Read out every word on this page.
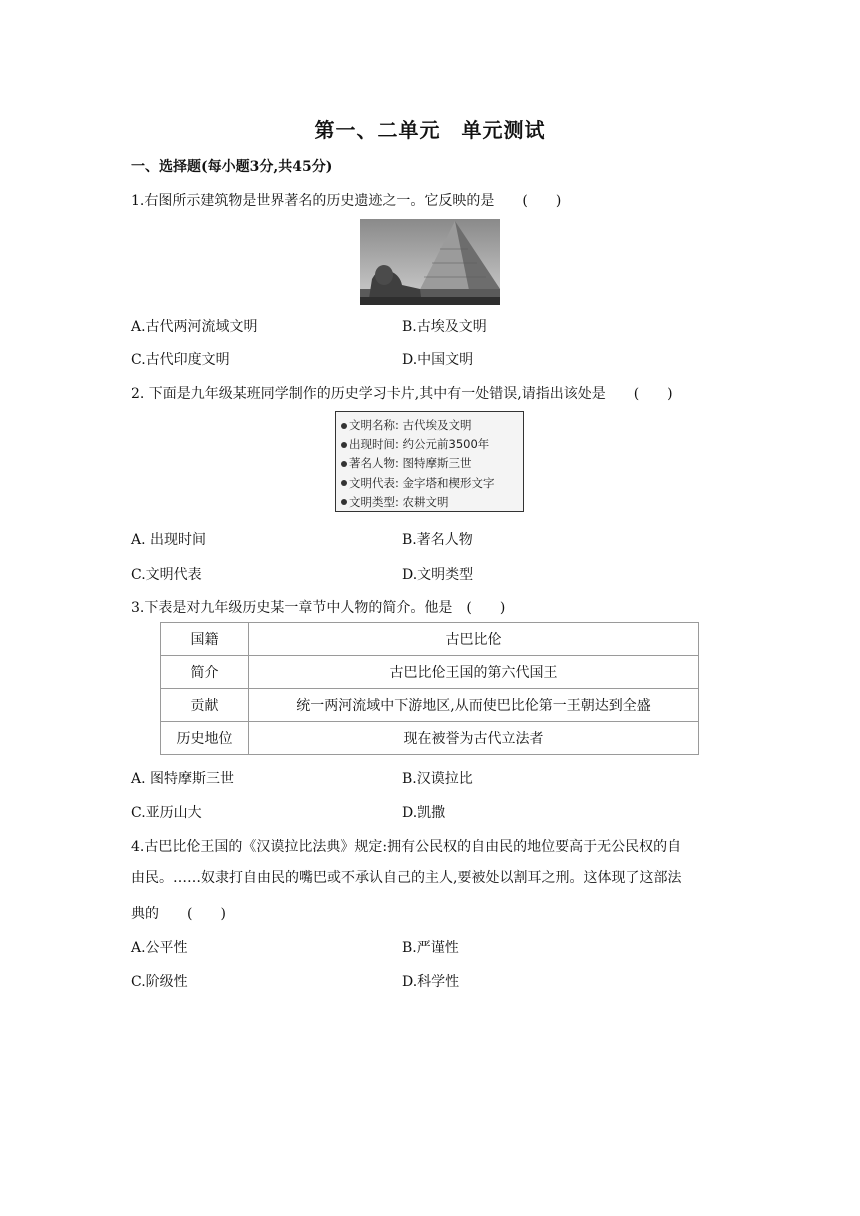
第一、二单元　单元测试
一、选择题(每小题3分,共45分)
1.右图所示建筑物是世界著名的历史遗迹之一。它反映的是　　(　　)
A.古代两河流域文明	B.古埃及文明
C.古代印度文明	D.中国文明
2. 下面是九年级某班同学制作的历史学习卡片,其中有一处错误,请指出该处是　　(　　)
文明名称: 古代埃及文明
出现时间: 约公元前3500年
著名人物: 图特摩斯三世
文明代表: 金字塔和楔形文字
文明类型: 农耕文明
A. 出现时间	B.著名人物
C.文明代表	D.文明类型
3.下表是对九年级历史某一章节中人物的简介。他是　(　　)
国籍	古巴比伦
简介	古巴比伦王国的第六代国王
贡献	统一两河流域中下游地区,从而使巴比伦第一王朝达到全盛
历史地位	现在被誉为古代立法者
A. 图特摩斯三世	B.汉谟拉比
C.亚历山大	D.凯撒
4.古巴比伦王国的《汉谟拉比法典》规定:拥有公民权的自由民的地位要高于无公民权的自
由民。……奴隶打自由民的嘴巴或不承认自己的主人,要被处以割耳之刑。这体现了这部法
典的　　(　　)
A.公平性	B.严谨性
C.阶级性	D.科学性
